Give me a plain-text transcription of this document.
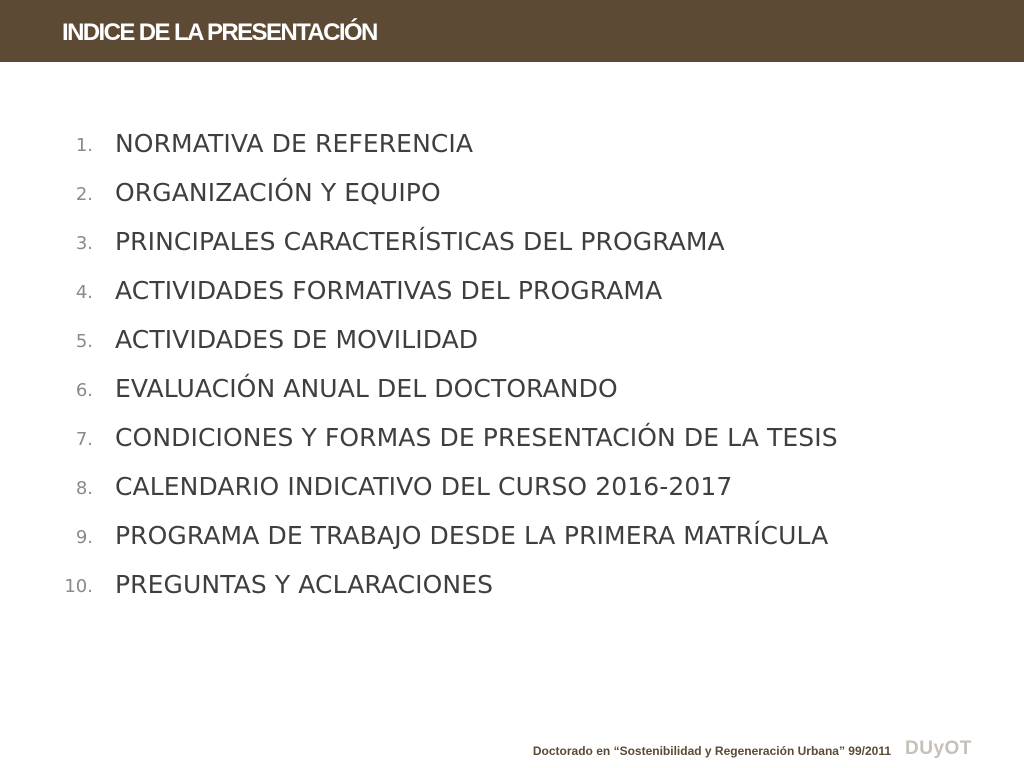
INDICE DE LA PRESENTACIÓN
1. NORMATIVA DE REFERENCIA
2. ORGANIZACIÓN Y EQUIPO
3. PRINCIPALES CARACTERÍSTICAS DEL PROGRAMA
4. ACTIVIDADES FORMATIVAS DEL PROGRAMA
5. ACTIVIDADES DE MOVILIDAD
6. EVALUACIÓN ANUAL DEL DOCTORANDO
7. CONDICIONES Y FORMAS DE PRESENTACIÓN DE LA TESIS
8. CALENDARIO INDICATIVO DEL CURSO 2016-2017
9. PROGRAMA DE TRABAJO DESDE LA PRIMERA MATRÍCULA
10. PREGUNTAS Y ACLARACIONES
Doctorado en “Sostenibilidad y Regeneración Urbana” 99/2011 DUyOT
